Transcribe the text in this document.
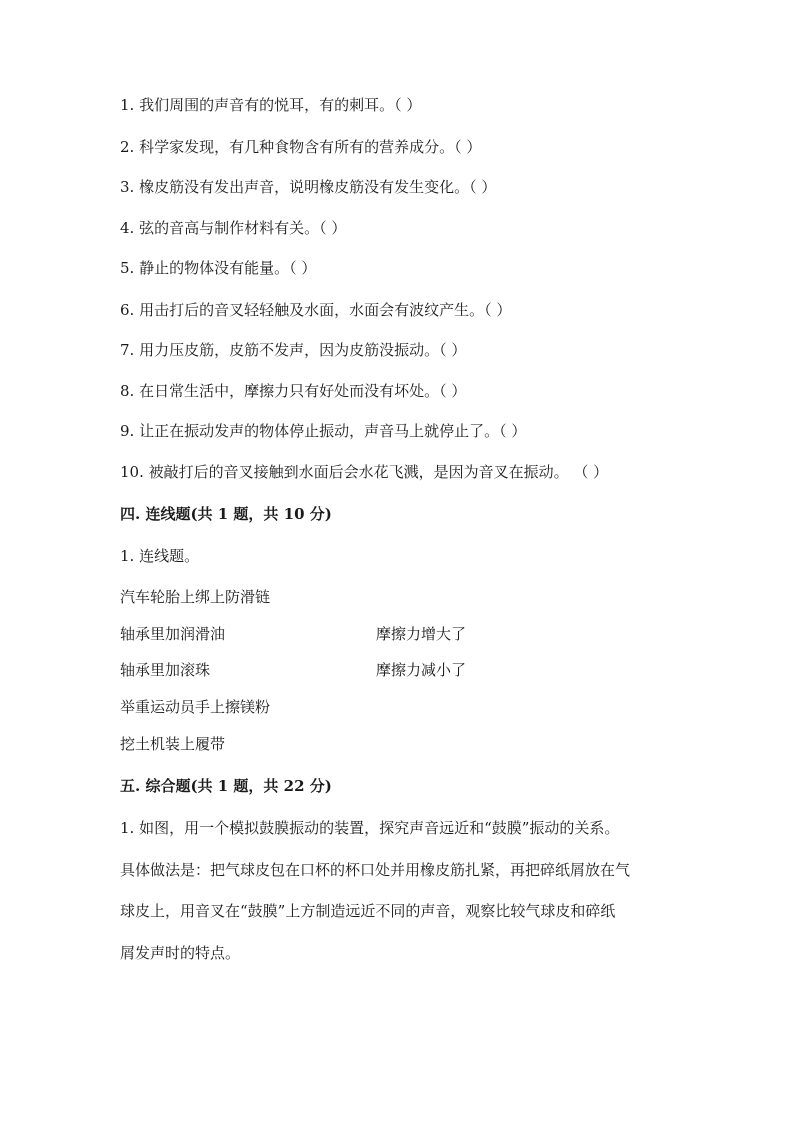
1. 我们周围的声音有的悦耳，有的刺耳。（ ）
2. 科学家发现，有几种食物含有所有的营养成分。（ ）
3. 橡皮筋没有发出声音，说明橡皮筋没有发生变化。（ ）
4. 弦的音高与制作材料有关。（ ）
5. 静止的物体没有能量。（ ）
6. 用击打后的音叉轻轻触及水面，水面会有波纹产生。（ ）
7. 用力压皮筋，皮筋不发声，因为皮筋没振动。（ ）
8. 在日常生活中，摩擦力只有好处而没有坏处。（ ）
9. 让正在振动发声的物体停止振动，声音马上就停止了。（ ）
10. 被敲打后的音叉接触到水面后会水花飞溅，是因为音叉在振动。 （ ）
四. 连线题(共 1 题，共 10 分)
1. 连线题。
汽车轮胎上绑上防滑链
轴承里加润滑油	摩擦力增大了
轴承里加滚珠	摩擦力减小了
举重运动员手上擦镁粉
挖土机装上履带
五. 综合题(共 1 题，共 22 分)
1. 如图，用一个模拟鼓膜振动的装置，探究声音远近和“鼓膜”振动的关系。
具体做法是：把气球皮包在口杯的杯口处并用橡皮筋扎紧，再把碎纸屑放在气
球皮上，用音叉在“鼓膜”上方制造远近不同的声音，观察比较气球皮和碎纸
屑发声时的特点。
